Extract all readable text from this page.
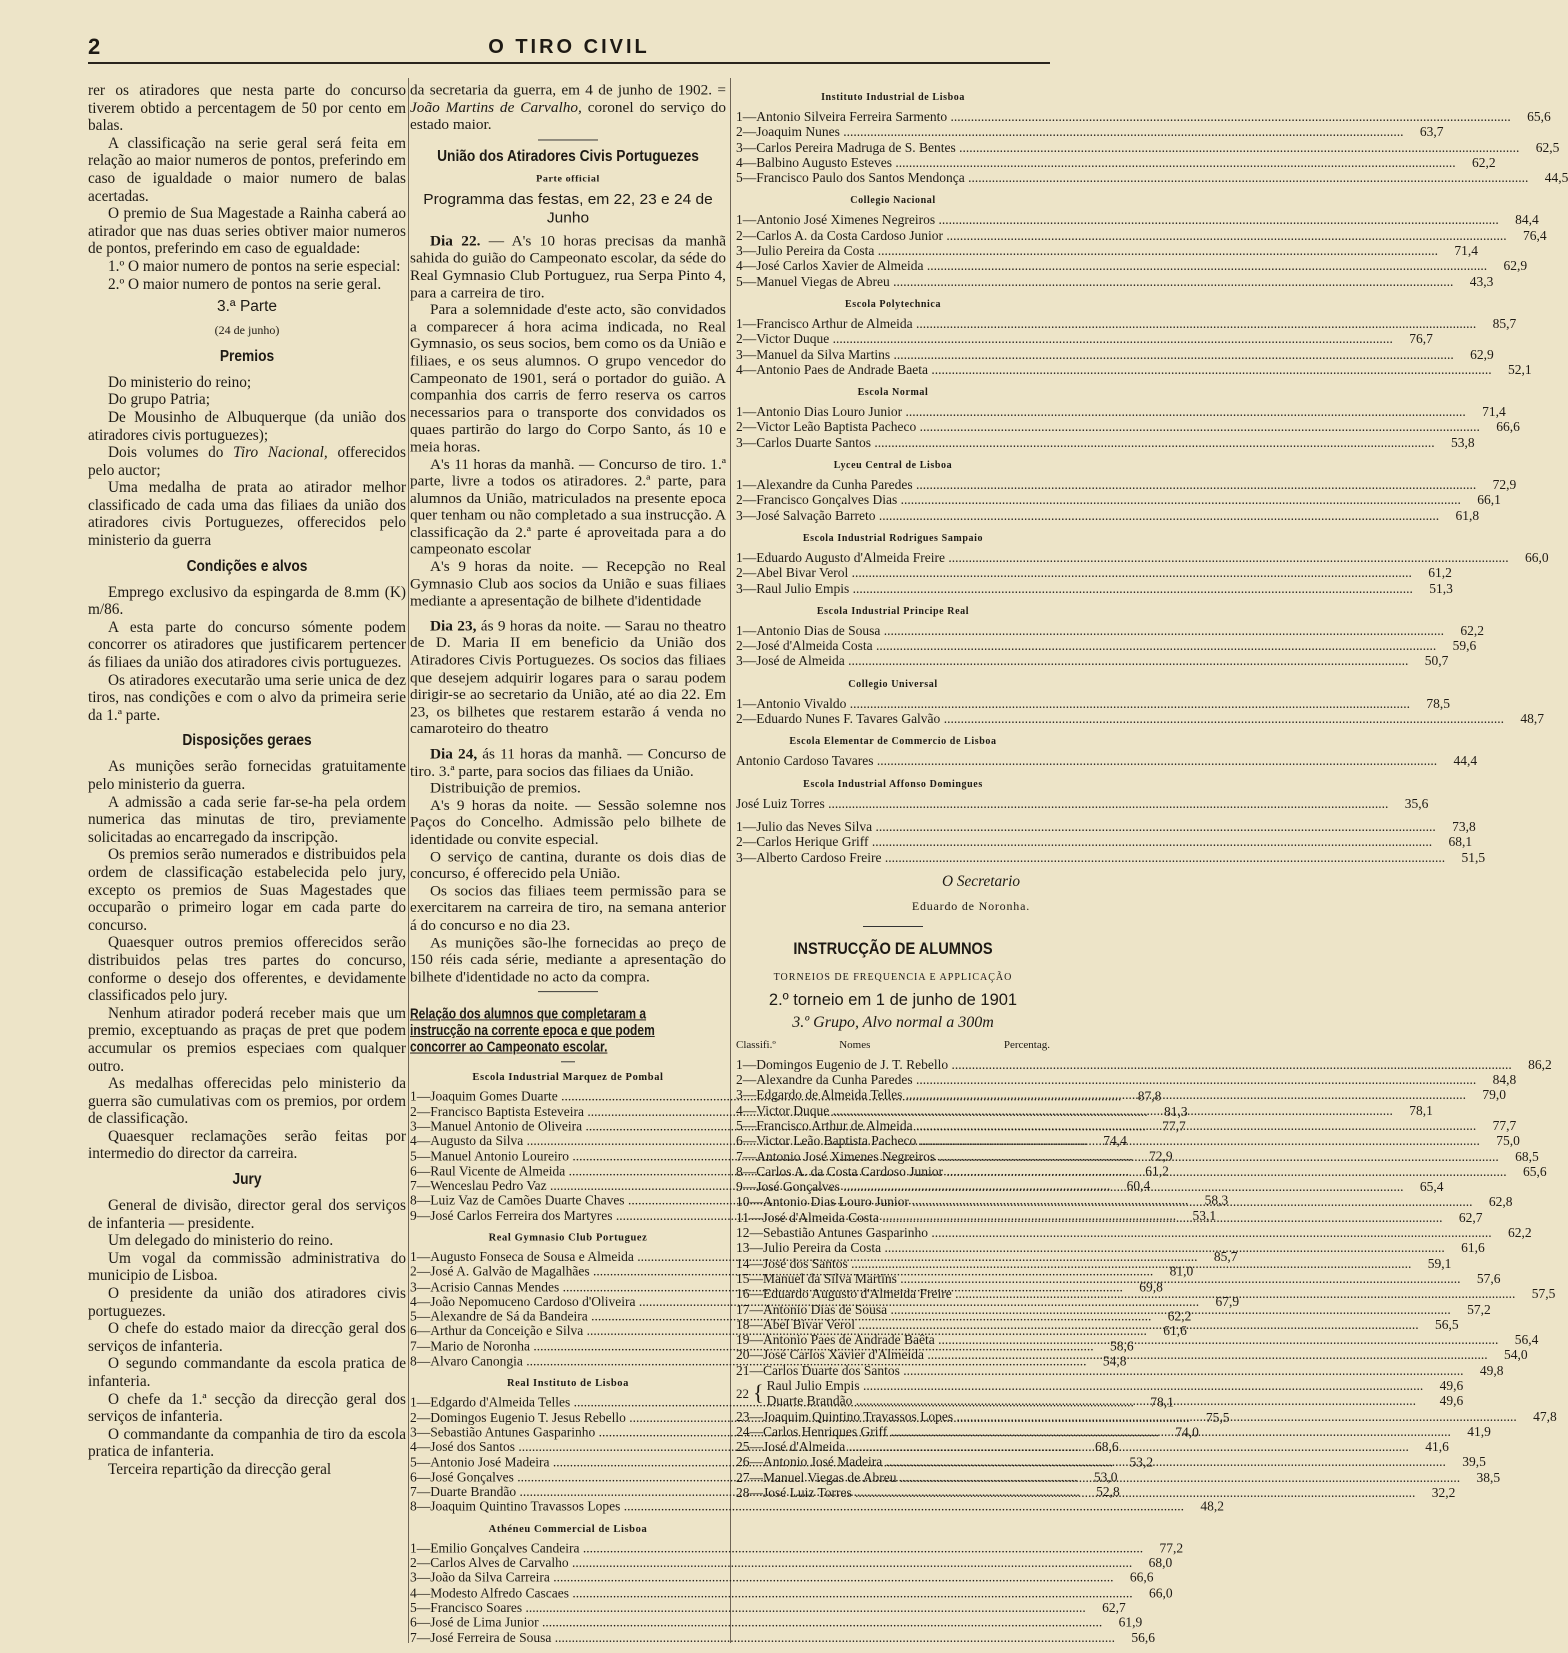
2	O TIRO CIVIL

rer os atiradores que nesta parte do concurso tiverem obtido a percentagem de 50 por cento em balas.

A classificação na serie geral será feita em relação ao maior numeros de pontos, preferindo em caso de igualdade o maior numero de balas acertadas.

O premio de Sua Magestade a Rainha caberá ao atirador que nas duas series obtiver maior numeros de pontos, preferindo em caso de egualdade:

1.º O maior numero de pontos na serie especial:

2.º O maior numero de pontos na serie geral.

3.ª Parte
(24 de junho)
Premios

Do ministerio do reino;

Do grupo Patria;

De Mousinho de Albuquerque (da união dos atiradores civis portuguezes);

Dois volumes do Tiro Nacional, offerecidos pelo auctor;

Uma medalha de prata ao atirador melhor classificado de cada uma das filiaes da união dos atiradores civis Portuguezes, offerecidos pelo ministerio da guerra

Condições e alvos

Emprego exclusivo da espingarda de 8.mm (K) m/86.

A esta parte do concurso sómente podem concorrer os atiradores que justificarem pertencer ás filiaes da união dos atiradores civis portuguezes.

Os atiradores executarão uma serie unica de dez tiros, nas condições e com o alvo da primeira serie da 1.ª parte.

Disposições geraes

As munições serão fornecidas gratuitamente pelo ministerio da guerra.

A admissão a cada serie far-se-ha pela ordem numerica das minutas de tiro, previamente solicitadas ao encarregado da inscripção.

Os premios serão numerados e distribuidos pela ordem de classificação estabelecida pelo jury, excepto os premios de Suas Magestades que occuparão o primeiro logar em cada parte do concurso.

Quaesquer outros premios offerecidos serão distribuidos pelas tres partes do concurso, conforme o desejo dos offerentes, e devidamente classificados pelo jury.

Nenhum atirador poderá receber mais que um premio, exceptuando as praças de pret que podem accumular os premios especiaes com qualquer outro.

As medalhas offerecidas pelo ministerio da guerra são cumulativas com os premios, por ordem de classificação.

Quaesquer reclamações serão feitas por intermedio do director da carreira.

Jury

General de divisão, director geral dos serviços de infanteria — presidente.

Um delegado do ministerio do reino.

Um vogal da commissão administrativa do municipio de Lisboa.

O presidente da união dos atiradores civis portuguezes.

O chefe do estado maior da direcção geral dos serviços de infanteria.

O segundo commandante da escola pratica de infanteria.

O chefe da 1.ª secção da direcção geral dos serviços de infanteria.

O commandante da companhia de tiro da escola pratica de infanteria.

Terceira repartição da direcção geral

da secretaria da guerra, em 4 de junho de 1902. = João Martins de Carvalho, coronel do serviço do estado maior.

União dos Atiradores Civis Portuguezes
Parte official
Programma das festas, em 22, 23 e 24 de Junho

Dia 22. — A's 10 horas precisas da manhã sahida do guião do Campeonato escolar, da séde do Real Gymnasio Club Portuguez, rua Serpa Pinto 4, para a carreira de tiro.

Para a solemnidade d'este acto, são convidados a comparecer á hora acima indicada, no Real Gymnasio, os seus socios, bem como os da União e filiaes, e os seus alumnos. O grupo vencedor do Campeonato de 1901, será o portador do guião. A companhia dos carris de ferro reserva os carros necessarios para o transporte dos convidados os quaes partirão do largo do Corpo Santo, ás 10 e meia horas.

A's 11 horas da manhã. — Concurso de tiro. 1.ª parte, livre a todos os atiradores. 2.ª parte, para alumnos da União, matriculados na presente epoca quer tenham ou não completado a sua instrucção. A classificação da 2.ª parte é aproveitada para a do campeonato escolar

A's 9 horas da noite. — Recepção no Real Gymnasio Club aos socios da União e suas filiaes mediante a apresentação de bilhete d'identidade

Dia 23, ás 9 horas da noite. — Sarau no theatro de D. Maria II em beneficio da União dos Atiradores Civis Portuguezes. Os socios das filiaes que desejem adquirir logares para o sarau podem dirigir-se ao secretario da União, até ao dia 22. Em 23, os bilhetes que restarem estarão á venda no camaroteiro do theatro

Dia 24, ás 11 horas da manhã. — Concurso de tiro. 3.ª parte, para socios das filiaes da União.

Distribuição de premios.

A's 9 horas da noite. — Sessão solemne nos Paços do Concelho. Admissão pelo bilhete de identidade ou convite especial.

O serviço de cantina, durante os dois dias de concurso, é offerecido pela União.

Os socios das filiaes teem permissão para se exercitarem na carreira de tiro, na semana anterior á do concurso e no dia 23.

As munições são-lhe fornecidas ao preço de 150 réis cada série, mediante a apresentação do bilhete d'identidade no acto da compra.

Relação dos alumnos que completaram a instrucção na corrente epoca e que podem concorrer ao Campeonato escolar.
Escola Industrial Marquez de Pombal
1—Joaquim Gomes Duarte .....	87,8
2—Francisco Baptista Esteveira .....	81,3
3—Manuel Antonio de Oliveira .....	77,7
4—Augusto da Silva .....	74,4
5—Manuel Antonio Loureiro .....	72,9
6—Raul Vicente de Almeida .....	61,2
7—Wenceslau Pedro Vaz .....	60,4
8—Luiz Vaz de Camões Duarte Chaves .....	58,3
9—José Carlos Ferreira dos Martyres .....	53,1
Real Gymnasio Club Portuguez
1—Augusto Fonseca de Sousa e Almeida .....	85,7
2—José A. Galvão de Magalhães .....	81,0
3—Acrisio Cannas Mendes .....	69,8
4—João Nepomuceno Cardoso d'Oliveira .....	67,9
5—Alexandre de Sá da Bandeira .....	62,2
6—Arthur da Conceição e Silva .....	61,6
7—Mario de Noronha .....	58,6
8—Alvaro Canongia .....	54,8
Real Instituto de Lisboa
1—Edgardo d'Almeida Telles .....	78,1
2—Domingos Eugenio T. Jesus Rebello .....	75,5
3—Sebastião Antunes Gasparinho .....	74,0
4—José dos Santos .....	68,6
5—Antonio José Madeira .....	53,2
6—José Gonçalves .....	53,0
7—Duarte Brandão .....	52,8
8—Joaquim Quintino Travassos Lopes .....	48,2
Athéneu Commercial de Lisboa
1—Emilio Gonçalves Candeira .....	77,2
2—Carlos Alves de Carvalho .....	68,0
3—João da Silva Carreira .....	66,6
4—Modesto Alfredo Cascaes .....	66,0
5—Francisco Soares .....	62,7
6—José de Lima Junior .....	61,9
7—José Ferreira de Sousa .....	56,6
Instituto Industrial de Lisboa
1—Antonio Silveira Ferreira Sarmento .....	65,6
2—Joaquim Nunes .....	63,7
3—Carlos Pereira Madruga de S. Bentes .....	62,5
4—Balbino Augusto Esteves .....	62,2
5—Francisco Paulo dos Santos Mendonça .....	44,5
Collegio Nacional
1—Antonio José Ximenes Negreiros .....	84,4
2—Carlos A. da Costa Cardoso Junior .....	76,4
3—Julio Pereira da Costa .....	71,4
4—José Carlos Xavier de Almeida .....	62,9
5—Manuel Viegas de Abreu .....	43,3
Escola Polytechnica
1—Francisco Arthur de Almeida .....	85,7
2—Victor Duque .....	76,7
3—Manuel da Silva Martins .....	62,9
4—Antonio Paes de Andrade Baeta .....	52,1
Escola Normal
1—Antonio Dias Louro Junior .....	71,4
2—Victor Leão Baptista Pacheco .....	66,6
3—Carlos Duarte Santos .....	53,8
Lyceu Central de Lisboa
1—Alexandre da Cunha Paredes .....	72,9
2—Francisco Gonçalves Dias .....	66,1
3—José Salvação Barreto .....	61,8
Escola Industrial Rodrigues Sampaio
1—Eduardo Augusto d'Almeida Freire .....	66,0
2—Abel Bivar Verol .....	61,2
3—Raul Julio Empis .....	51,3
Escola Industrial Principe Real
1—Antonio Dias de Sousa .....	62,2
2—José d'Almeida Costa .....	59,6
3—José de Almeida .....	50,7
Collegio Universal
1—Antonio Vivaldo .....	78,5
2—Eduardo Nunes F. Tavares Galvão .....	48,7
Escola Elementar de Commercio de Lisboa
Antonio Cardoso Tavares .....	44,4
Escola Industrial Affonso Domingues
José Luiz Torres .....	35,6
1—Julio das Neves Silva .....	73,8
2—Carlos Herique Griff .....	68,1
3—Alberto Cardoso Freire .....	51,5
O Secretario
Eduardo de Noronha.
INSTRUCÇÃO DE ALUMNOS
TORNEIOS DE FREQUENCIA E APPLICAÇÃO
2.º torneio em 1 de junho de 1901
3.º Grupo, Alvo normal a 300m
Classifi.º	Nomes	Percentag.
1—Domingos Eugenio de J. T. Rebello .....	86,2
2—Alexandre da Cunha Paredes .....	84,8
3—Edgardo de Almeida Telles .....	79,0
4—Victor Duque .....	78,1
5—Francisco Arthur de Almeida .....	77,7
6—Victor Leão Baptista Pacheco .....	75,0
7—Antonio José Ximenes Negreiros .....	68,5
8—Carlos A. da Costa Cardoso Junior .....	65,6
9—José Gonçalves .....	65,4
10—Antonio Dias Louro Junior .....	62,8
11—José d'Almeida Costa .....	62,7
12—Sebastião Antunes Gasparinho .....	62,2
13—Julio Pereira da Costa .....	61,6
14—José dos Santos .....	59,1
15—Manuel da Silva Martins .....	57,6
16—Eduardo Augusto d'Almeida Freire .....	57,5
17—Antonio Dias de Sousa .....	57,2
18—Abel Bivar Verol .....	56,5
19—Antonio Paes de Andrade Baêta .....	56,4
20—José Carlos Xavier d'Almeida .....	54,0
21—Carlos Duarte dos Santos .....	49,8
22 { Raul Julio Empis .....	49,6
Duarte Brandão .....	49,6
23—Joaquim Quintino Travassos Lopes .....	47,8
24—Carlos Henriques Griff .....	41,9
25—José d'Almeida .....	41,6
26—Antonio José Madeira .....	39,5
27—Manuel Viegas de Abreu .....	38,5
28—José Luiz Torres .....	32,2
